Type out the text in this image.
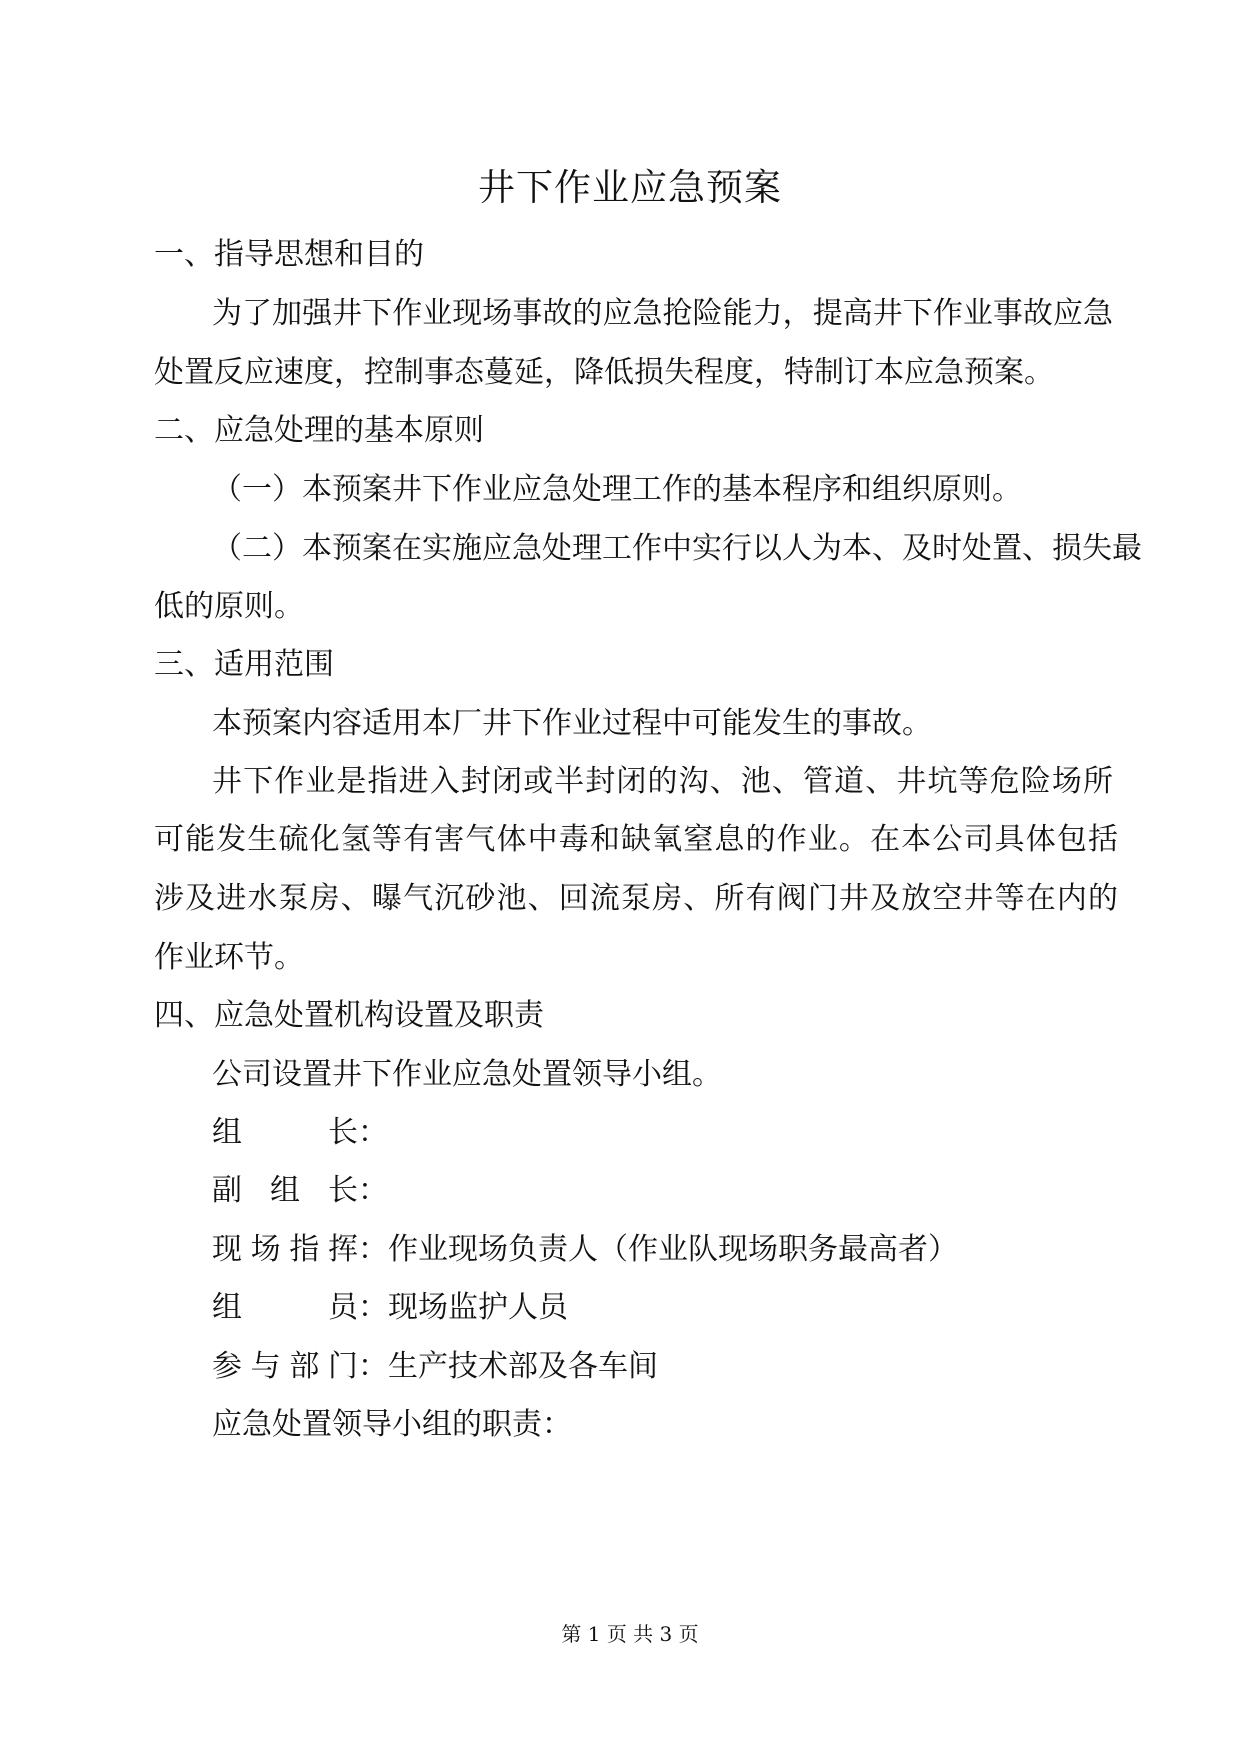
井下作业应急预案
一、指导思想和目的
为了加强井下作业现场事故的应急抢险能力，提高井下作业事故应急
处置反应速度，控制事态蔓延，降低损失程度，特制订本应急预案。
二、应急处理的基本原则
（一）本预案井下作业应急处理工作的基本程序和组织原则。
（二）本预案在实施应急处理工作中实行以人为本、及时处置、损失最
低的原则。
三、适用范围
本预案内容适用本厂井下作业过程中可能发生的事故。
井下作业是指进入封闭或半封闭的沟、池、管道、井坑等危险场所
可能发生硫化氢等有害气体中毒和缺氧窒息的作业。在本公司具体包括
涉及进水泵房、曝气沉砂池、回流泵房、所有阀门井及放空井等在内的
作业环节。
四、应急处置机构设置及职责
公司设置井下作业应急处置领导小组。
组长：
副组长：
现场指挥：作业现场负责人（作业队现场职务最高者）
组员：现场监护人员
参与部门：生产技术部及各车间
应急处置领导小组的职责：
第 1 页 共 3 页
